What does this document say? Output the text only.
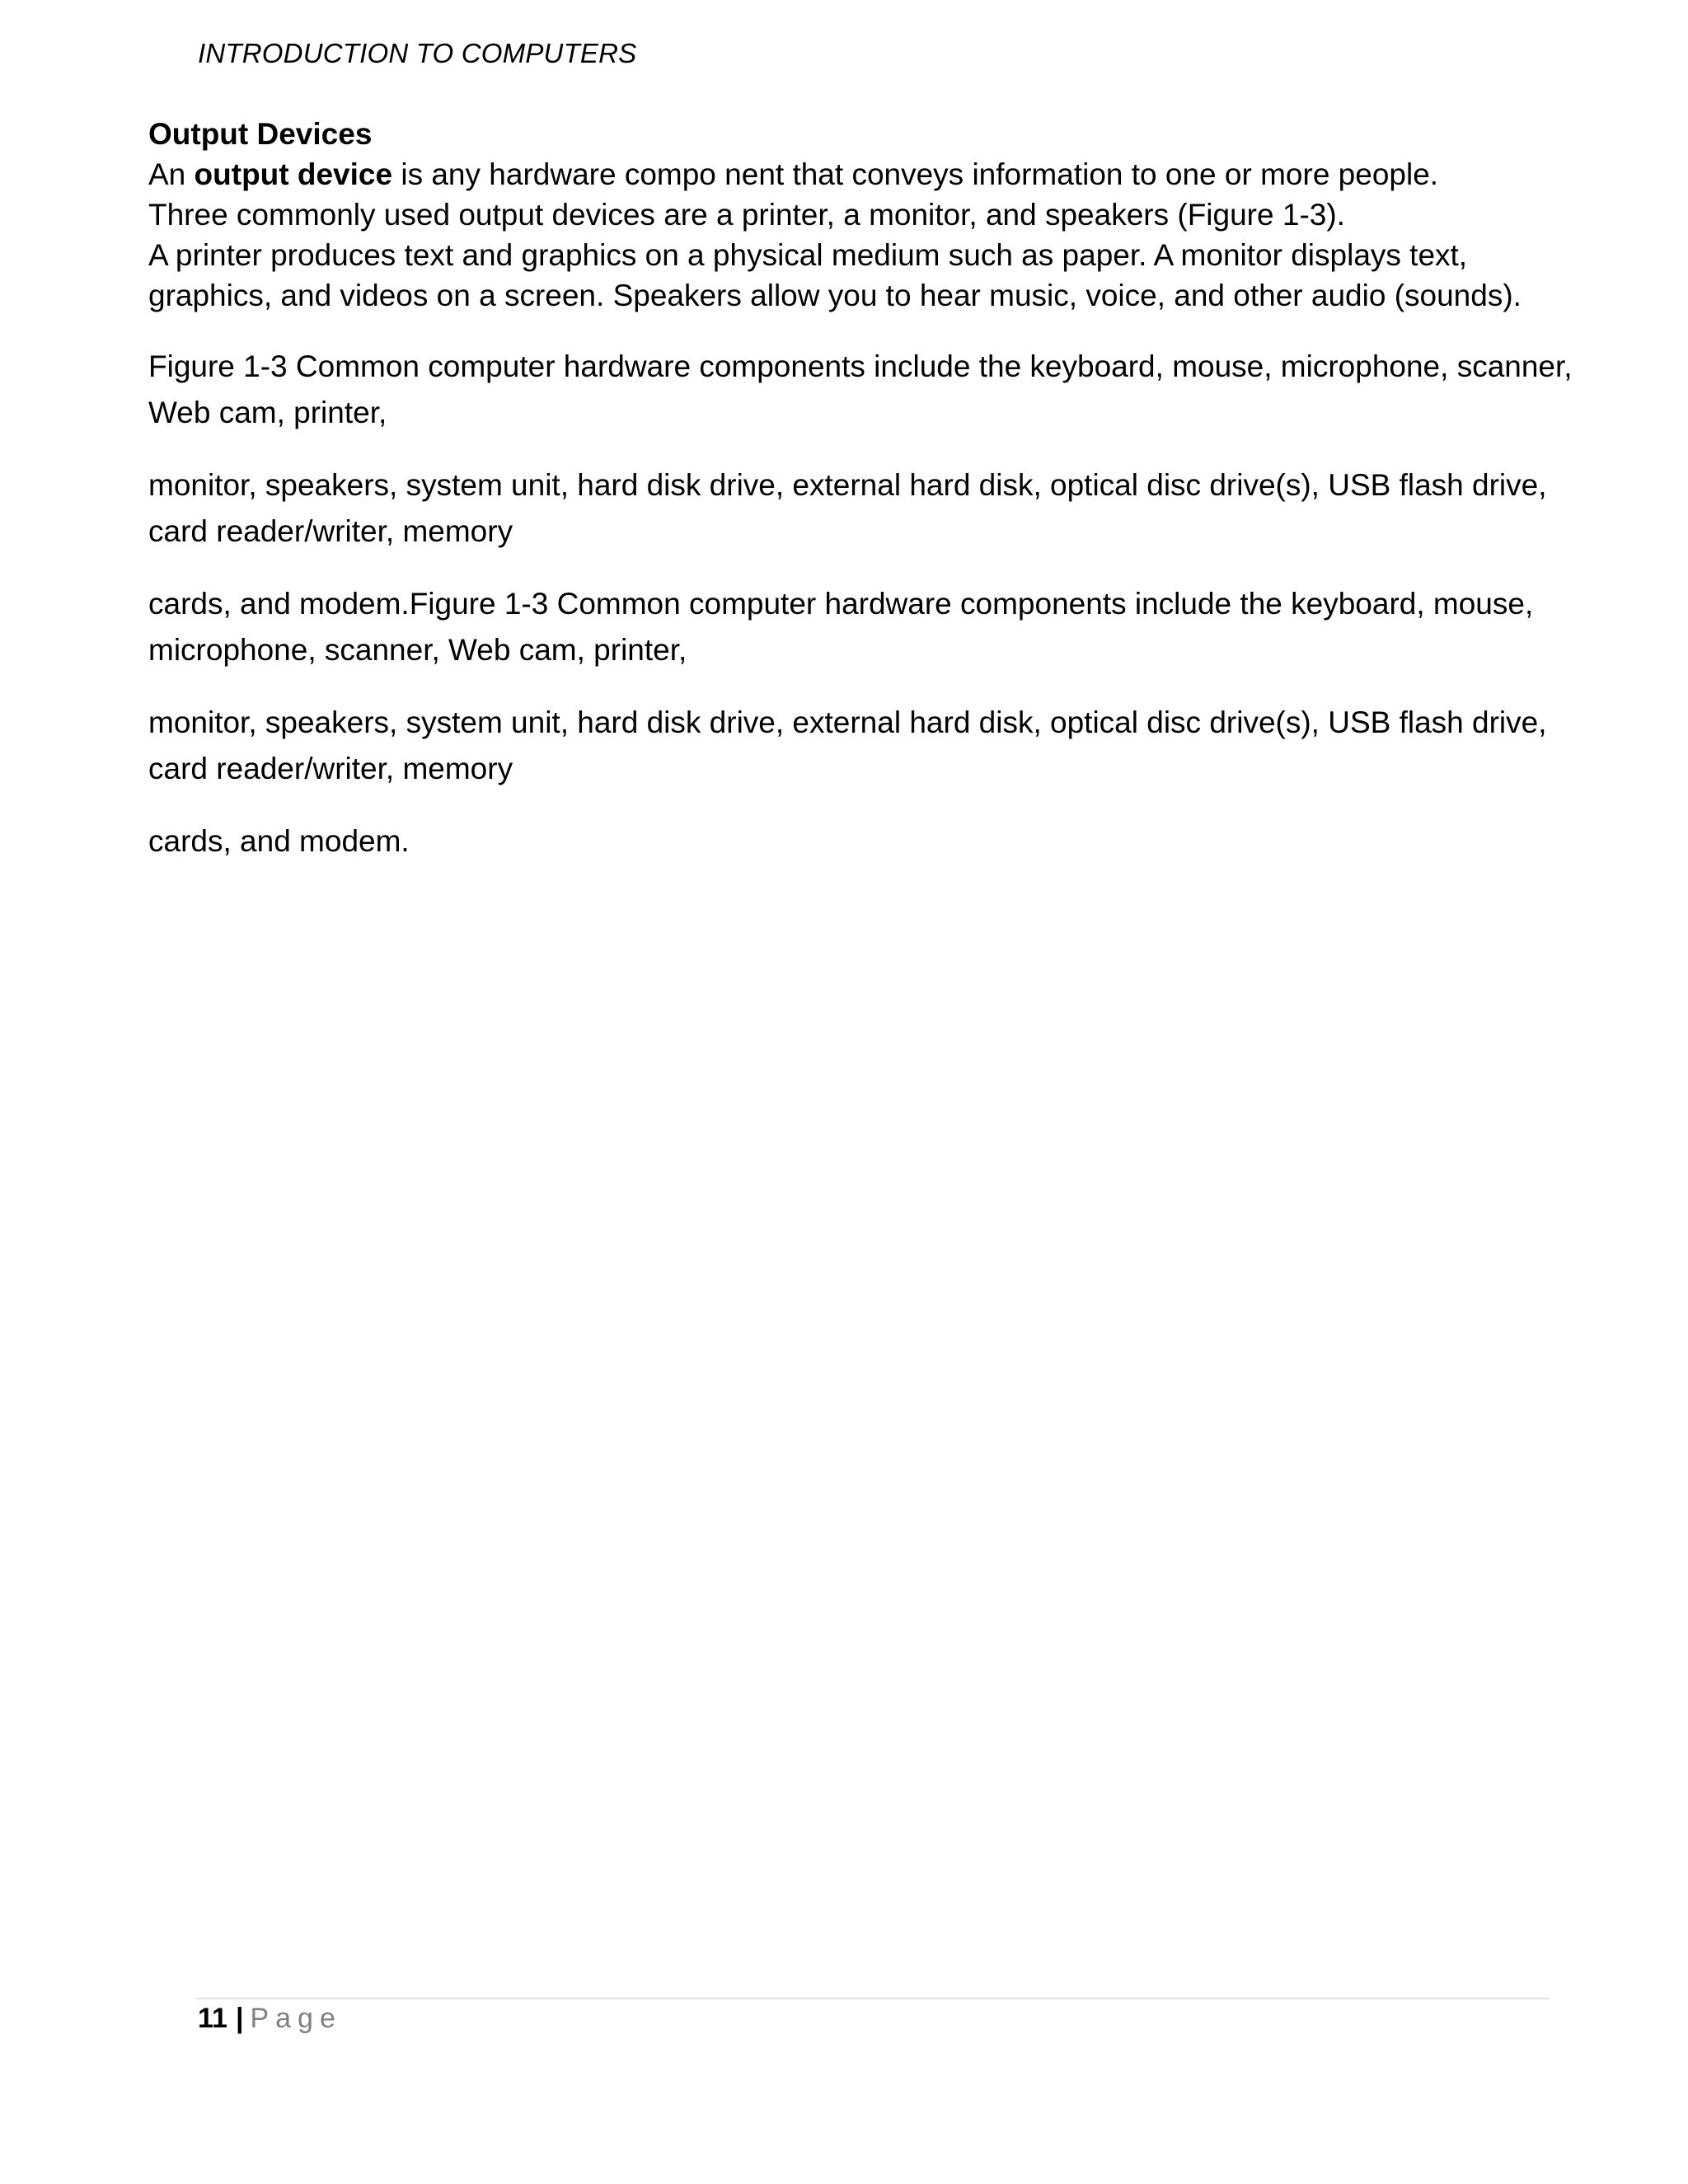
INTRODUCTION TO COMPUTERS

Output Devices

An output device is any hardware compo nent that conveys information to one or more people.

Three commonly used output devices are a printer, a monitor, and speakers (Figure 1-3).

A printer produces text and graphics on a physical medium such as paper. A monitor displays text,

graphics, and videos on a screen. Speakers allow you to hear music, voice, and other audio (sounds).

Figure 1-3 Common computer hardware components include the keyboard, mouse, microphone, scanner,
Web cam, printer,

monitor, speakers, system unit, hard disk drive, external hard disk, optical disc drive(s), USB flash drive,
card reader/writer, memory

cards, and modem.Figure 1-3 Common computer hardware components include the keyboard, mouse,
microphone, scanner, Web cam, printer,

monitor, speakers, system unit, hard disk drive, external hard disk, optical disc drive(s), USB flash drive,
card reader/writer, memory

cards, and modem.

11 | Page
